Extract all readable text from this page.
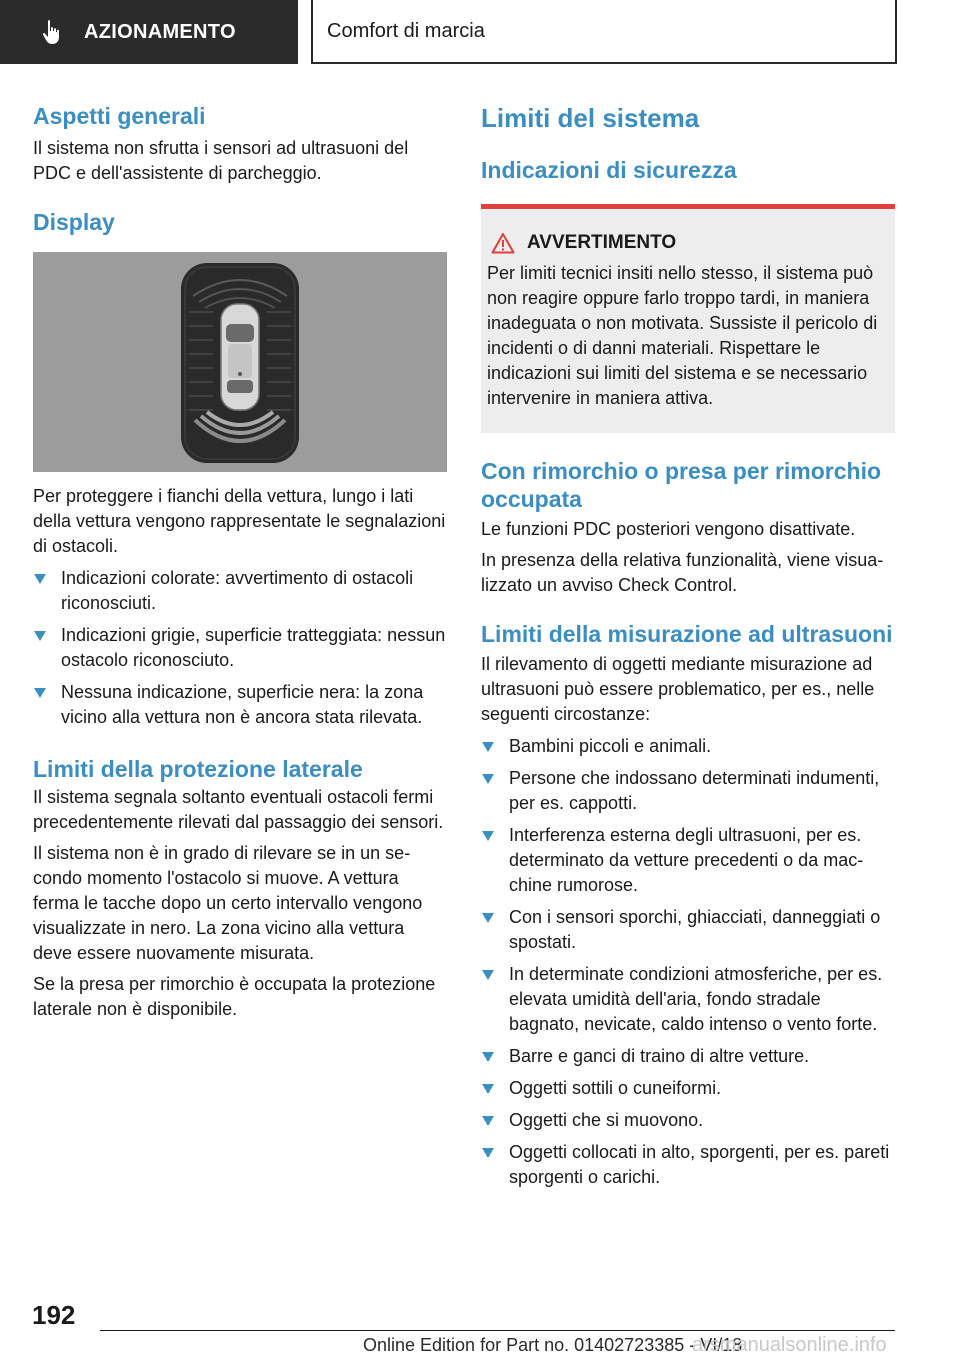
AZIONAMENTO	Comfort di marcia
Aspetti generali

Il sistema non sfrutta i sensori ad ultrasuoni del PDC e dell'assistente di parcheggio.

Display

Per proteggere i fianchi della vettura, lungo i lati della vettura vengono rappresentate le segnalazioni di ostacoli.

Indicazioni colorate: avvertimento di ostacoli riconosciuti.
Indicazioni grigie, superficie tratteggiata: nessun ostacolo riconosciuto.
Nessuna indicazione, superficie nera: la zona vicino alla vettura non è ancora stata rilevata.
Limiti della protezione laterale

Il sistema segnala soltanto eventuali ostacoli fermi precedentemente rilevati dal passaggio dei sensori.

Il sistema non è in grado di rilevare se in un secondo momento l'ostacolo si muove. A vettura ferma le tacche dopo un certo intervallo vengono visualizzate in nero. La zona vicino alla vettura deve essere nuovamente misurata.

Se la presa per rimorchio è occupata la protezione laterale non è disponibile.

Limiti del sistema
Indicazioni di sicurezza
AVVERTIMENTO

Per limiti tecnici insiti nello stesso, il sistema può non reagire oppure farlo troppo tardi, in maniera inadeguata o non motivata. Sussiste il pericolo di incidenti o di danni materiali. Rispettare le indicazioni sui limiti del sistema e se necessario intervenire in maniera attiva.

Con rimorchio o presa per rimorchio occupata

Le funzioni PDC posteriori vengono disattivate.

In presenza della relativa funzionalità, viene visualizzato un avviso Check Control.

Limiti della misurazione ad ultrasuoni

Il rilevamento di oggetti mediante misurazione ad ultrasuoni può essere problematico, per es., nelle seguenti circostanze:

Bambini piccoli e animali.
Persone che indossano determinati indumenti, per es. cappotti.
Interferenza esterna degli ultrasuoni, per es. determinato da vetture precedenti o da macchine rumorose.
Con i sensori sporchi, ghiacciati, danneggiati o spostati.
In determinate condizioni atmosferiche, per es. elevata umidità dell'aria, fondo stradale bagnato, nevicate, caldo intenso o vento forte.
Barre e ganci di traino di altre vetture.
Oggetti sottili o cuneiformi.
Oggetti che si muovono.
Oggetti collocati in alto, sporgenti, per es. pareti sporgenti o carichi.
192
Online Edition for Part no. 01402723385 - VI/18
arsmanualsonline.info
